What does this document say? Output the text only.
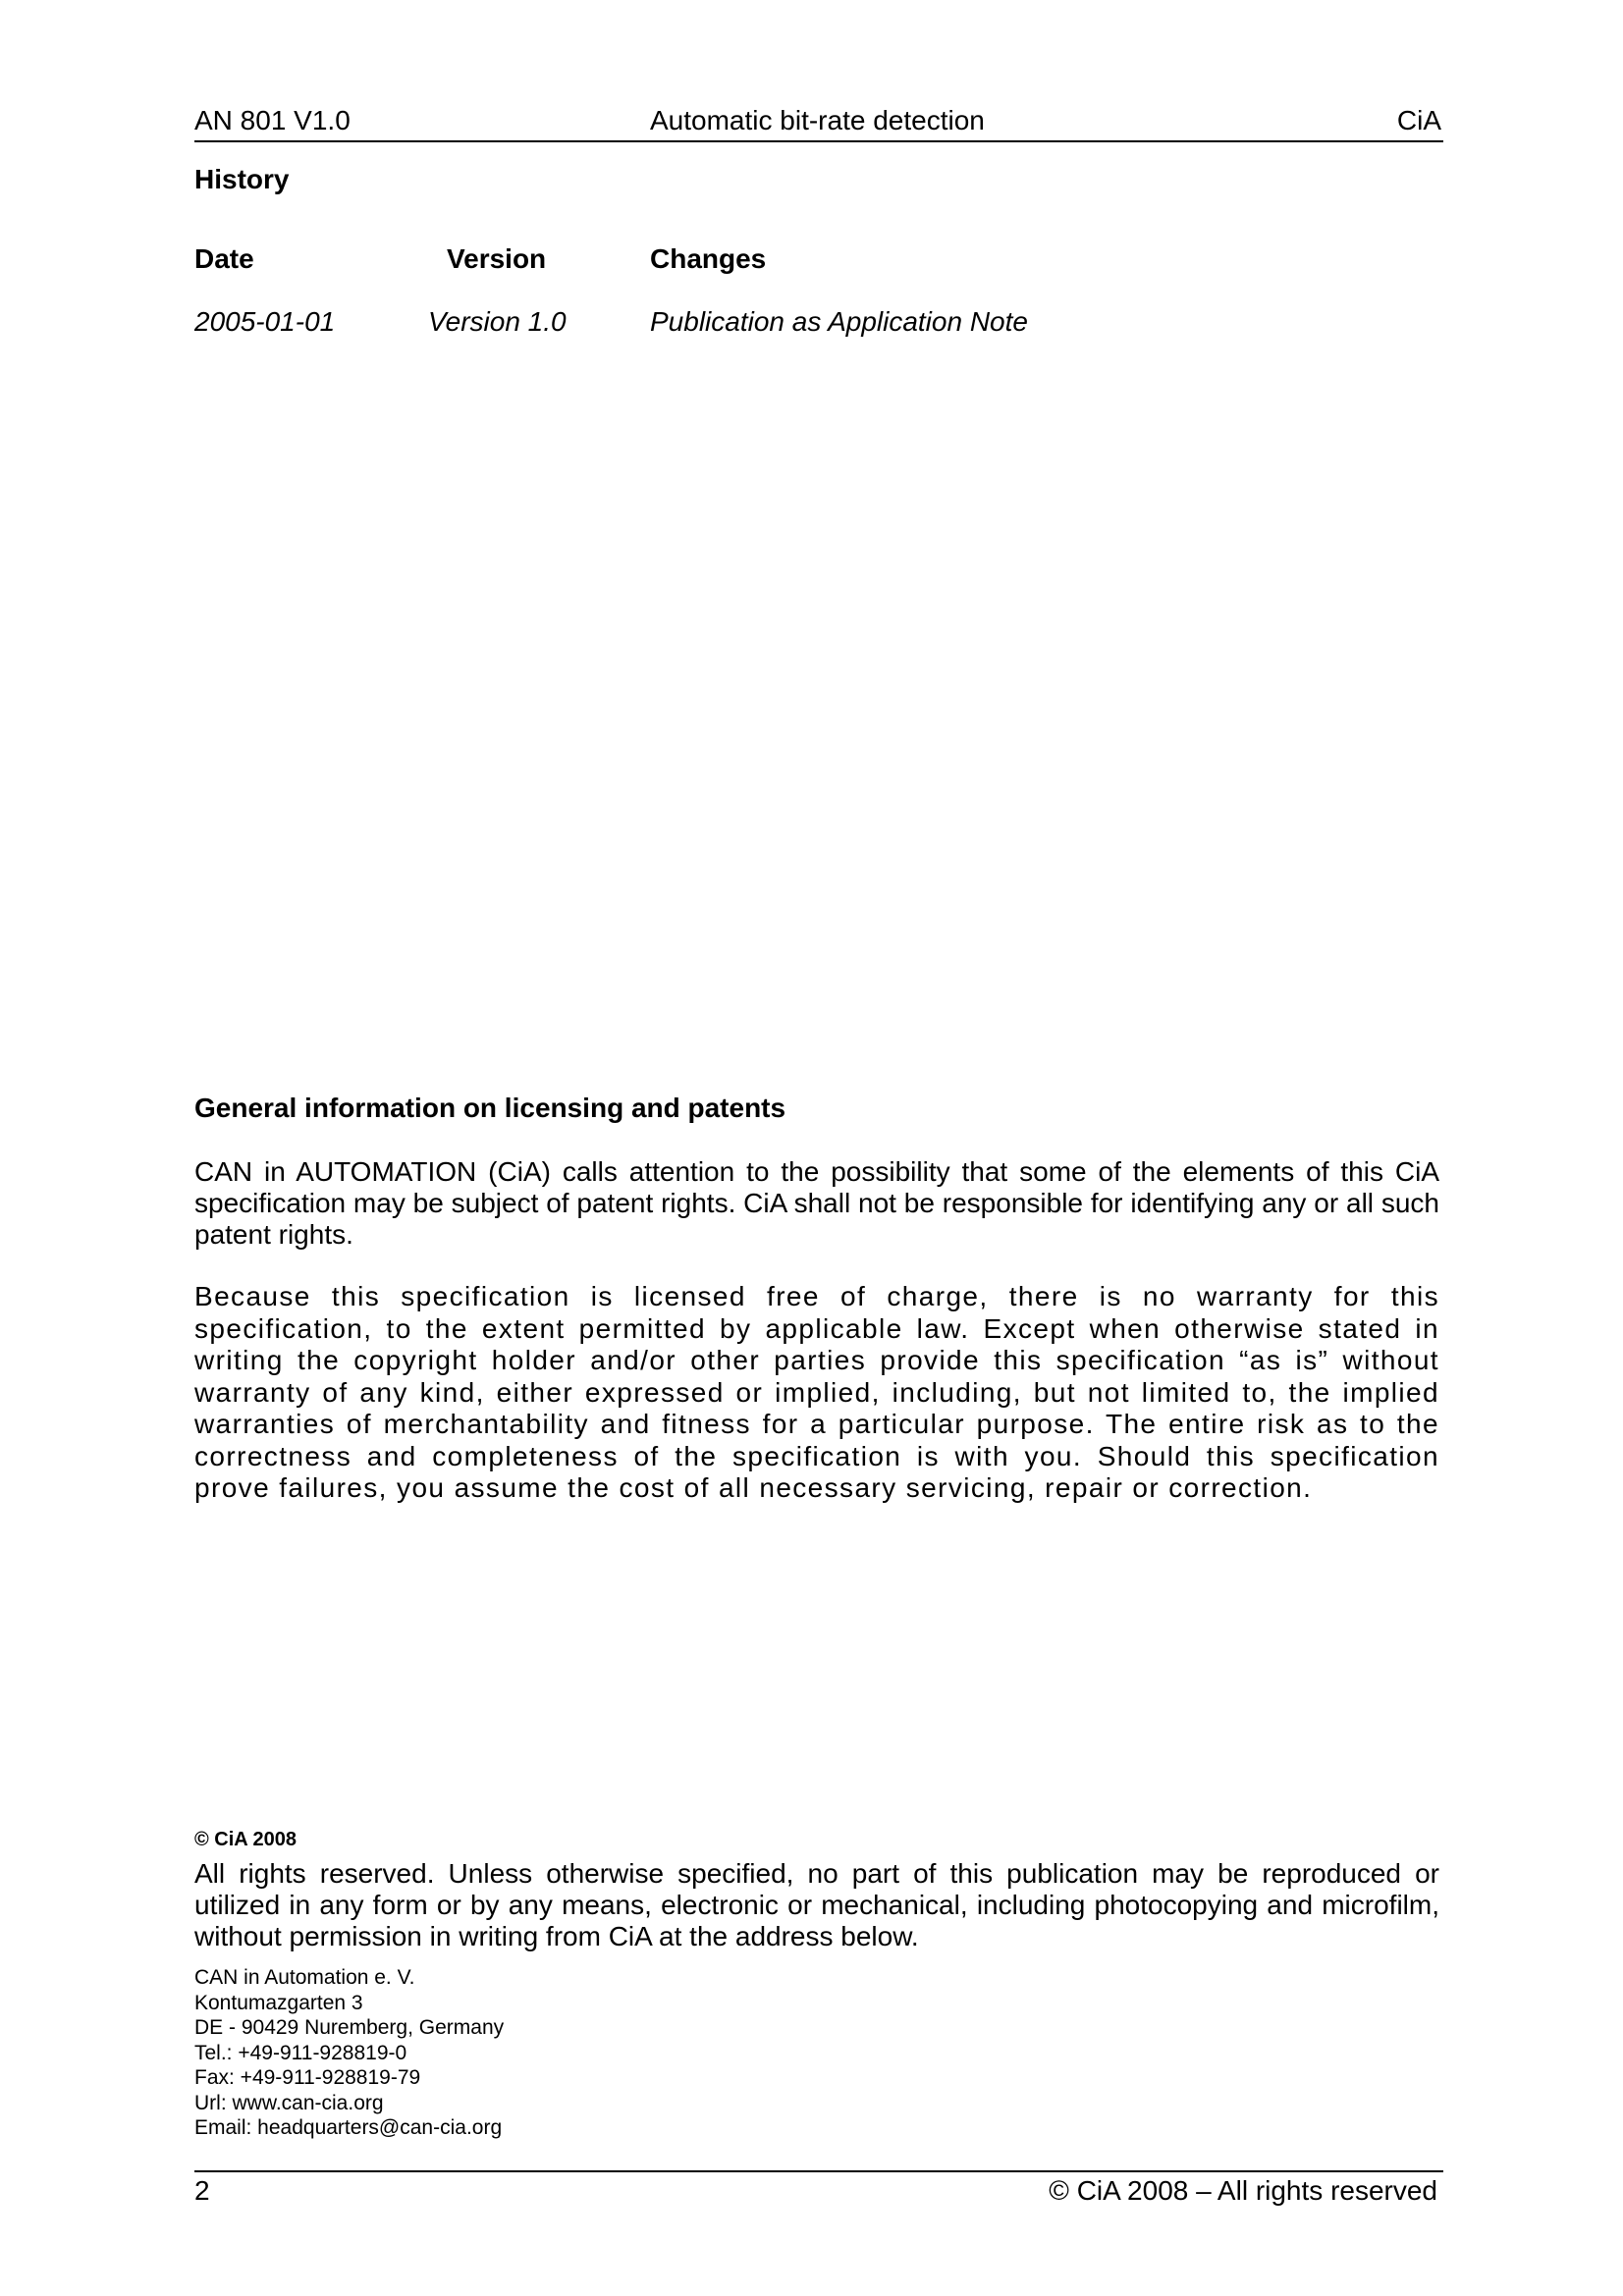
AN 801 V1.0	Automatic bit-rate detection	CiA
History
Date	Version	Changes
2005-01-01	Version 1.0	Publication as Application Note
General information on licensing and patents
CAN in AUTOMATION (CiA) calls attention to the possibility that some of the elements of this CiA specification may be subject of patent rights. CiA shall not be responsible for identifying any or all such patent rights.
Because this specification is licensed free of charge, there is no warranty for this specification, to the extent permitted by applicable law. Except when otherwise stated in writing the copyright holder and/or other parties provide this specification “as is” without warranty of any kind, either expressed or implied, including, but not limited to, the implied warranties of merchantability and fitness for a particular purpose. The entire risk as to the correctness and completeness of the specification is with you. Should this specification prove failures, you assume the cost of all necessary servicing, repair or correction.
© CiA 2008
All rights reserved. Unless otherwise specified, no part of this publication may be reproduced or utilized in any form or by any means, electronic or mechanical, including photocopying and microfilm, without permission in writing from CiA at the address below.
CAN in Automation e. V.
Kontumazgarten 3
DE - 90429 Nuremberg, Germany
Tel.: +49-911-928819-0
Fax: +49-911-928819-79
Url: www.can-cia.org
Email: headquarters@can-cia.org
2	© CiA 2008 – All rights reserved
